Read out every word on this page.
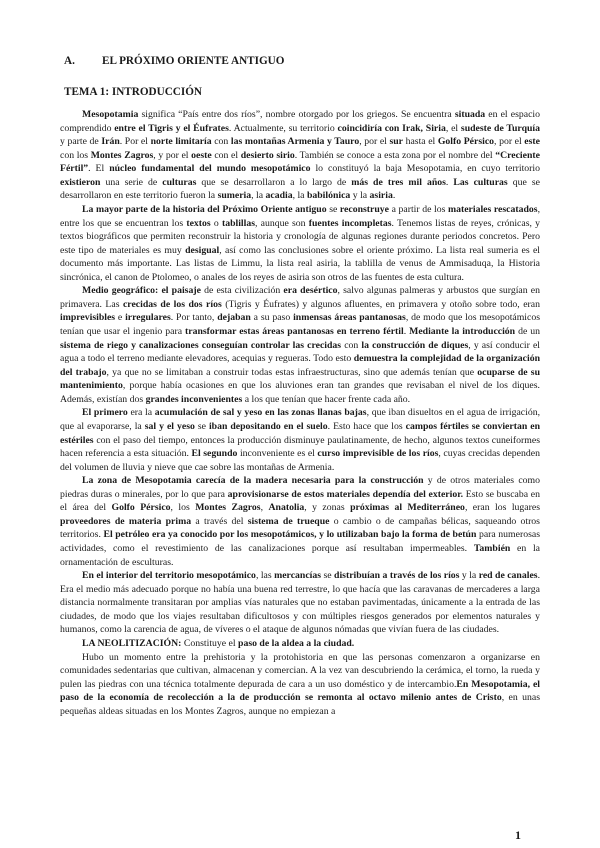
A. EL PRÓXIMO ORIENTE ANTIGUO
TEMA 1: INTRODUCCIÓN

Mesopotamia significa “País entre dos ríos”, nombre otorgado por los griegos. Se encuentra situada en el espacio comprendido entre el Tigris y el Éufrates. Actualmente, su territorio coincidiría con Irak, Siria, el sudeste de Turquía y parte de Irán. Por el norte limitaría con las montañas Armenia y Tauro, por el sur hasta el Golfo Pérsico, por el este con los Montes Zagros, y por el oeste con el desierto sirio. También se conoce a esta zona por el nombre del “Creciente Fértil”. El núcleo fundamental del mundo mesopotámico lo constituyó la baja Mesopotamia, en cuyo territorio existieron una serie de culturas que se desarrollaron a lo largo de más de tres mil años. Las culturas que se desarrollaron en este territorio fueron la sumeria, la acadia, la babilónica y la asiria.

La mayor parte de la historia del Próximo Oriente antiguo se reconstruye a partir de los materiales rescatados, entre los que se encuentran los textos o tablillas, aunque son fuentes incompletas. Tenemos listas de reyes, crónicas, y textos biográficos que permiten reconstruir la historia y cronología de algunas regiones durante periodos concretos. Pero este tipo de materiales es muy desigual, así como las conclusiones sobre el oriente próximo. La lista real sumeria es el documento más importante. Las listas de Limmu, la lista real asiria, la tablilla de venus de Ammisaduqa, la Historia sincrónica, el canon de Ptolomeo, o anales de los reyes de asiria son otros de las fuentes de esta cultura.

Medio geográfico: el paisaje de esta civilización era desértico, salvo algunas palmeras y arbustos que surgían en primavera. Las crecidas de los dos ríos (Tigris y Éufrates) y algunos afluentes, en primavera y otoño sobre todo, eran imprevisibles e irregulares. Por tanto, dejaban a su paso inmensas áreas pantanosas, de modo que los mesopotámicos tenían que usar el ingenio para transformar estas áreas pantanosas en terreno fértil. Mediante la introducción de un sistema de riego y canalizaciones conseguían controlar las crecidas con la construcción de diques, y así conducir el agua a todo el terreno mediante elevadores, acequias y regueras. Todo esto demuestra la complejidad de la organización del trabajo, ya que no se limitaban a construir todas estas infraestructuras, sino que además tenían que ocuparse de su mantenimiento, porque había ocasiones en que los aluviones eran tan grandes que revisaban el nivel de los diques. Además, existían dos grandes inconvenientes a los que tenían que hacer frente cada año.

El primero era la acumulación de sal y yeso en las zonas llanas bajas, que iban disueltos en el agua de irrigación, que al evaporarse, la sal y el yeso se iban depositando en el suelo. Esto hace que los campos fértiles se conviertan en estériles con el paso del tiempo, entonces la producción disminuye paulatinamente, de hecho, algunos textos cuneiformes hacen referencia a esta situación. El segundo inconveniente es el curso imprevisible de los ríos, cuyas crecidas dependen del volumen de lluvia y nieve que cae sobre las montañas de Armenia.

La zona de Mesopotamia carecía de la madera necesaria para la construcción y de otros materiales como piedras duras o minerales, por lo que para aprovisionarse de estos materiales dependía del exterior. Esto se buscaba en el área del Golfo Pérsico, los Montes Zagros, Anatolia, y zonas próximas al Mediterráneo, eran los lugares proveedores de materia prima a través del sistema de trueque o cambio o de campañas bélicas, saqueando otros territorios. El petróleo era ya conocido por los mesopotámicos, y lo utilizaban bajo la forma de betún para numerosas actividades, como el revestimiento de las canalizaciones porque así resultaban impermeables. También en la ornamentación de esculturas.

En el interior del territorio mesopotámico, las mercancías se distribuían a través de los ríos y la red de canales. Era el medio más adecuado porque no había una buena red terrestre, lo que hacía que las caravanas de mercaderes a larga distancia normalmente transitaran por amplias vías naturales que no estaban pavimentadas, únicamente a la entrada de las ciudades, de modo que los viajes resultaban dificultosos y con múltiples riesgos generados por elementos naturales y humanos, como la carencia de agua, de víveres o el ataque de algunos nómadas que vivían fuera de las ciudades.

LA NEOLITIZACIÓN: Constituye el paso de la aldea a la ciudad.

Hubo un momento entre la prehistoria y la protohistoria en que las personas comenzaron a organizarse en comunidades sedentarias que cultivan, almacenan y comercian. A la vez van descubriendo la cerámica, el torno, la rueda y pulen las piedras con una técnica totalmente depurada de cara a un uso doméstico y de intercambio.En Mesopotamia, el paso de la economía de recolección a la de producción se remonta al octavo milenio antes de Cristo, en unas pequeñas aldeas situadas en los Montes Zagros, aunque no empiezan a

1
